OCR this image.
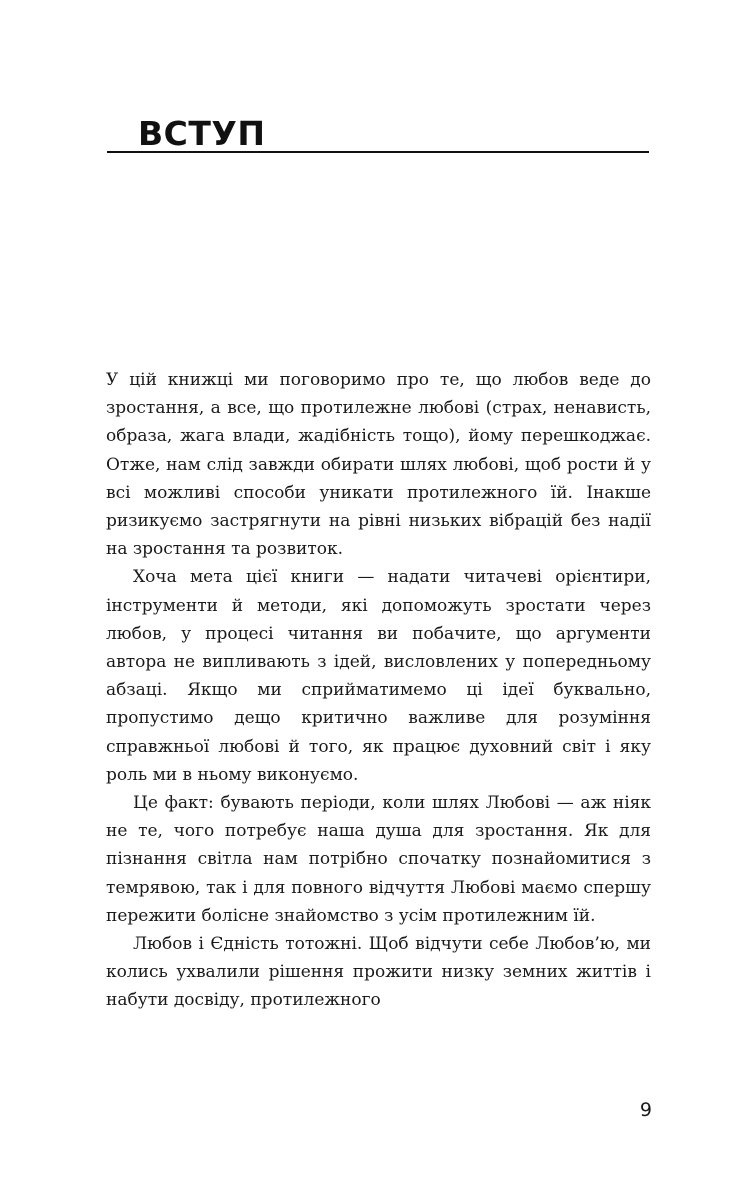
ВСТУП

У цій книжці ми поговоримо про те, що любов веде до зростання, а все, що протилежне любові (страх, ненависть, образа, жага влади, жадібність тощо), йому перешкоджає. Отже, нам слід завжди обирати шлях любові, щоб рости й у всі можливі способи уникати протилежного їй. Інакше ризикуємо застрягнути на рівні низьких вібрацій без надії на зростання та розвиток.

Хоча мета цієї книги — надати читачеві орієнтири, інструменти й методи, які допоможуть зростати через любов, у процесі читання ви побачите, що аргументи автора не випливають з ідей, висловлених у попередньому абзаці. Якщо ми сприйматимемо ці ідеї буквально, пропустимо дещо критично важливе для розуміння справжньої любові й того, як працює духовний світ і яку роль ми в ньому виконуємо.

Це факт: бувають періоди, коли шлях Любові — аж ніяк не те, чого потребує наша душа для зростання. Як для пізнання світла нам потрібно спочатку познайомитися з темрявою, так і для повного відчуття Любові маємо спершу пережити болісне знайомство з усім протилежним їй.

Любов і Єдність тотожні. Щоб відчути себе Любов’ю, ми колись ухвалили рішення прожити низку земних життів і набути досвіду, протилежного

9
